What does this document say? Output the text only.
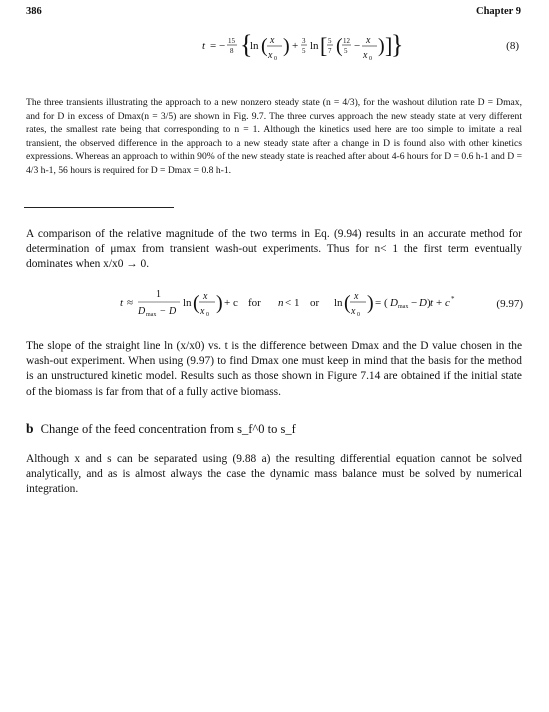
386	Chapter 9
t = − 15
8 {
ln ( x
x 0
) + 3
5 ln [ 5
7 ( 12
5 − x
x 0
) ]
}	(8)
The three transients illustrating the approach to a new nonzero steady state (n = 4/3), for the washout dilution rate D = Dmax, and for D in excess of Dmax(n = 3/5) are shown in Fig. 9.7. The three curves approach the new steady state at very different rates, the smallest rate being that corresponding to n = 1. Although the kinetics used here are too simple to imitate a real transient, the observed difference in the approach to a new steady state after a change in D is found also with other kinetics expressions. Whereas an approach to within 90% of the new steady state is reached after about 4-6 hours for D = 0.6 h-1 and D = 4/3 h-1, 56 hours is required for D = Dmax = 0.8 h-1.
A comparison of the relative magnitude of the two terms in Eq. (9.94) results in an accurate method for determination of μmax from transient wash-out experiments. Thus for n< 1 the first term eventually dominates when x/x0 → 0.
t ≈
1
D max − D
ln ( x
x 0
) + c for n < 1 or ln ( x
x 0
) = ( D max − D ) t + c *	(9.97)
The slope of the straight line ln (x/x0) vs. t is the difference between Dmax and the D value chosen in the wash-out experiment. When using (9.97) to find Dmax one must keep in mind that the basis for the method is an unstructured kinetic model. Results such as those shown in Figure 7.14 are obtained if the initial state of the biomass is far from that of a fully active biomass.
b Change of the feed concentration from s_f^0 to s_f
Although x and s can be separated using (9.88 a) the resulting differential equation cannot be solved analytically, and as is almost always the case the dynamic mass balance must be solved by numerical integration.
